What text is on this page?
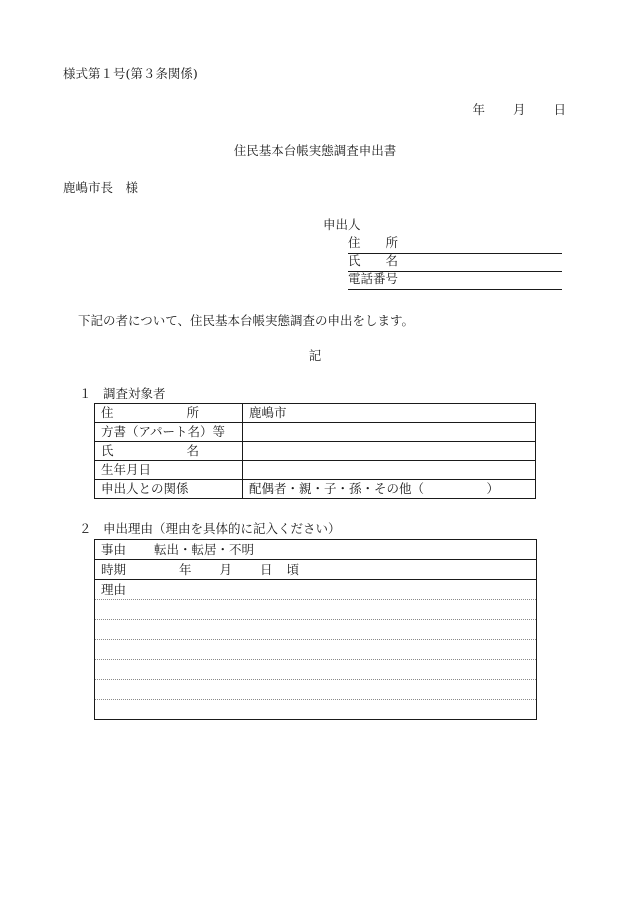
様式第１号(第３条関係)
年 月 日
住民基本台帳実態調査申出書
鹿嶋市長　様
申出人
住　　所
氏　　名
電話番号
下記の者について、住民基本台帳実態調査の申出をします。
記
１ 調査対象者
住 所	鹿嶋市
方書（アパート名）等	

氏 名	

生年月日	
申出人との関係	配偶者・親・子・孫・その他（　　　　　）
２ 申出理由（理由を具体的に記入ください）
事由 転出・転居・不明
時期	年 月 日 頃
理由
